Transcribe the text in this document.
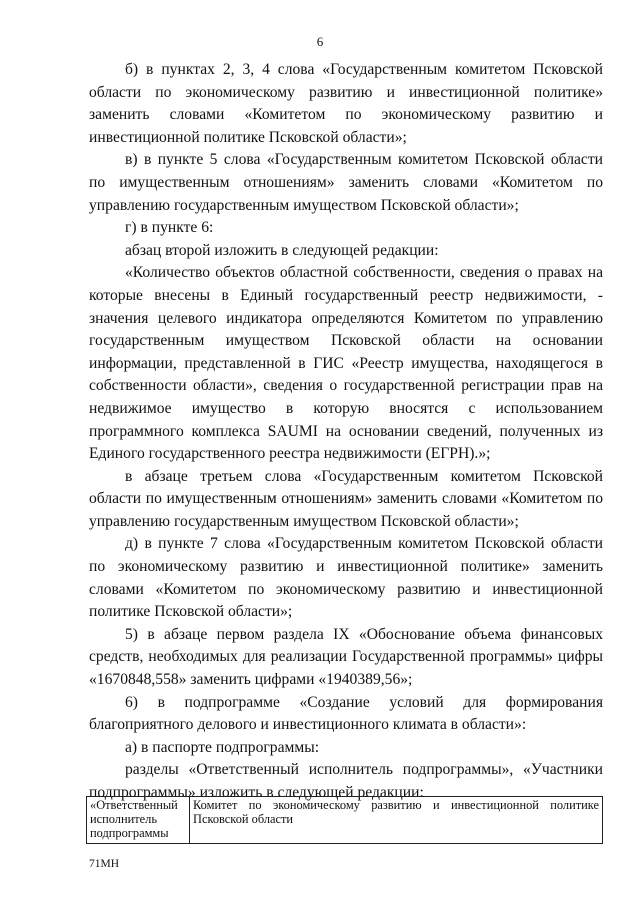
6

б) в пунктах 2, 3, 4 слова «Государственным комитетом Псковской области по экономическому развитию и инвестиционной политике» заменить словами «Комитетом по экономическому развитию и инвестиционной политике Псковской области»;

в) в пункте 5 слова «Государственным комитетом Псковской области по имущественным отношениям» заменить словами «Комитетом по управлению государственным имуществом Псковской области»;

г) в пункте 6:

абзац второй изложить в следующей редакции:

«Количество объектов областной собственности, сведения о правах на которые внесены в Единый государственный реестр недвижимости, - значения целевого индикатора определяются Комитетом по управлению государственным имуществом Псковской области на основании информации, представленной в ГИС «Реестр имущества, находящегося в собственности области», сведения о государственной регистрации прав на недвижимое имущество в которую вносятся с использованием программного комплекса SAUMI на основании сведений, полученных из Единого государственного реестра недвижимости (ЕГРН).»;

в абзаце третьем слова «Государственным комитетом Псковской области по имущественным отношениям» заменить словами «Комитетом по управлению государственным имуществом Псковской области»;

д) в пункте 7 слова «Государственным комитетом Псковской области по экономическому развитию и инвестиционной политике» заменить словами «Комитетом по экономическому развитию и инвестиционной политике Псковской области»;

5) в абзаце первом раздела IX «Обоснование объема финансовых средств, необходимых для реализации Государственной программы» цифры «1670848,558» заменить цифрами «1940389,56»;

6) в подпрограмме «Создание условий для формирования благоприятного делового и инвестиционного климата в области»:

а) в паспорте подпрограммы:

разделы «Ответственный исполнитель подпрограммы», «Участники подпрограммы» изложить в следующей редакции:

«Ответственный исполнитель подпрограммы	Комитет по экономическому развитию и инвестиционной политике Псковской области
71МН
